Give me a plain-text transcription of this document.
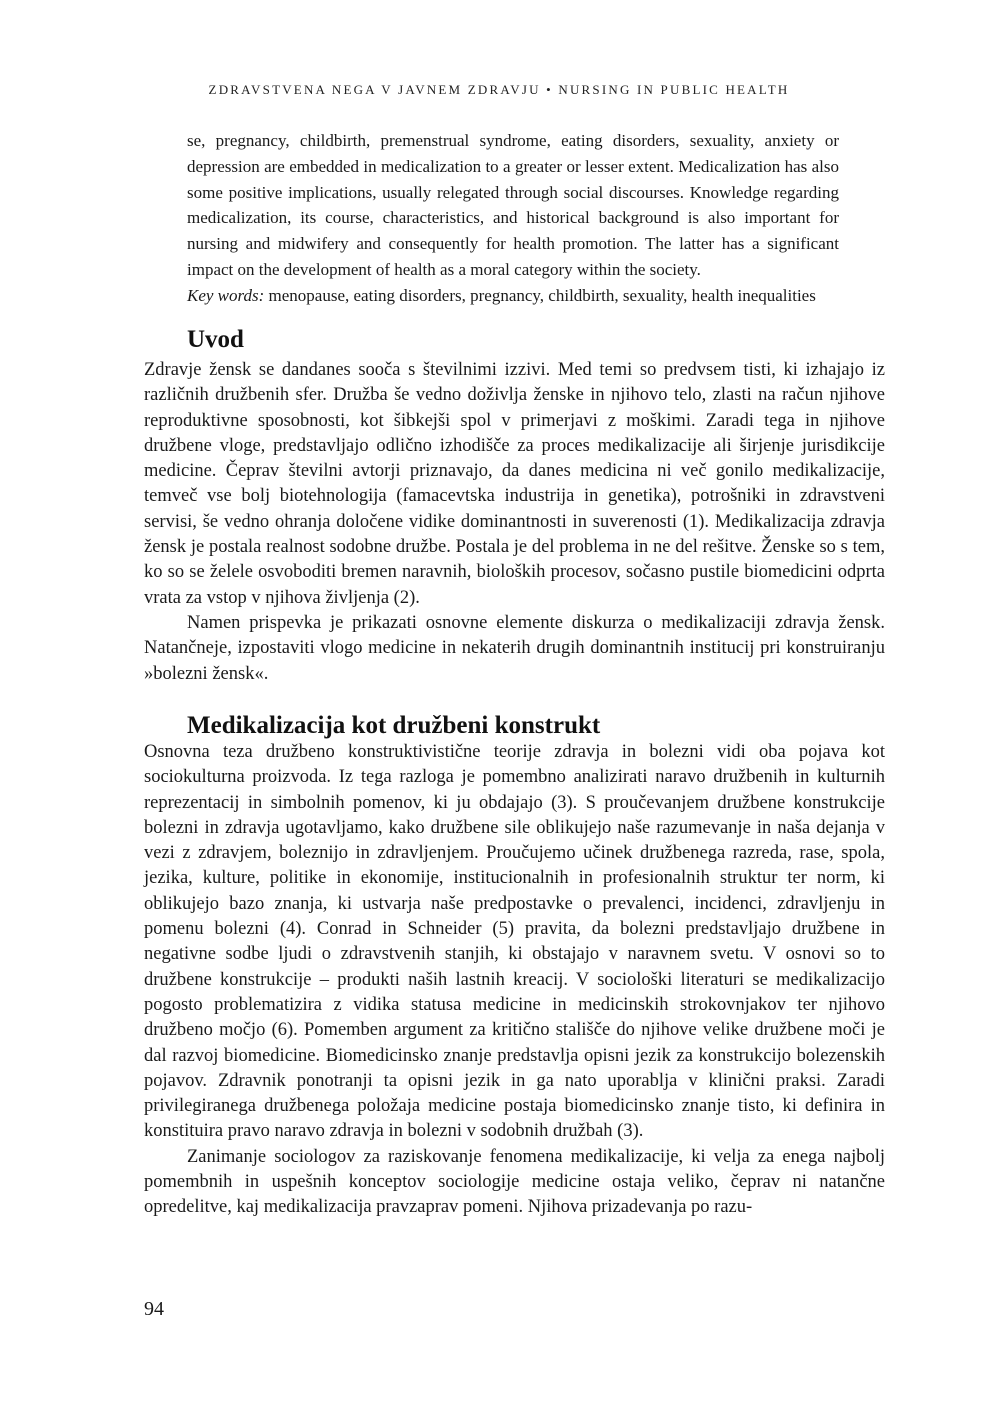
ZDRAVSTVENA NEGA V JAVNEM ZDRAVJU • NURSING IN PUBLIC HEALTH

se, pregnancy, childbirth, premenstrual syndrome, eating disorders, sexuality, anxiety or depression are embedded in medicalization to a greater or lesser extent. Medicalization has also some positive implications, usually relegated through social discourses. Knowledge regarding medicalization, its course, characteristics, and historical background is also important for nursing and midwifery and consequently for health promotion. The latter has a significant impact on the development of health as a moral category within the society.

Key words: menopause, eating disorders, pregnancy, childbirth, sexuality, health inequalities

Uvod

Zdravje žensk se dandanes sooča s številnimi izzivi. Med temi so predvsem tisti, ki izhajajo iz različnih družbenih sfer. Družba še vedno doživlja ženske in njihovo telo, zlasti na račun njihove reproduktivne sposobnosti, kot šibkejši spol v primerjavi z moškimi. Zaradi tega in njihove družbene vloge, predstavljajo odlično izhodišče za proces medikalizacije ali širjenje jurisdikcije medicine. Čeprav številni avtorji priznavajo, da danes medicina ni več gonilo medikalizacije, temveč vse bolj biotehnologija (famacevtska industrija in genetika), potrošniki in zdravstveni servisi, še vedno ohranja določene vidike dominantnosti in suverenosti (1). Medikalizacija zdravja žensk je postala realnost sodobne družbe. Postala je del problema in ne del rešitve. Ženske so s tem, ko so se želele osvoboditi bremen naravnih, bioloških procesov, sočasno pustile biomedicini odprta vrata za vstop v njihova življenja (2).

Namen prispevka je prikazati osnovne elemente diskurza o medikalizaciji zdravja žensk. Natančneje, izpostaviti vlogo medicine in nekaterih drugih dominantnih institucij pri konstruiranju »bolezni žensk«.

Medikalizacija kot družbeni konstrukt

Osnovna teza družbeno konstruktivistične teorije zdravja in bolezni vidi oba pojava kot sociokulturna proizvoda. Iz tega razloga je pomembno analizirati naravo družbenih in kulturnih reprezentacij in simbolnih pomenov, ki ju obdajajo (3). S proučevanjem družbene konstrukcije bolezni in zdravja ugotavljamo, kako družbene sile oblikujejo naše razumevanje in naša dejanja v vezi z zdravjem, boleznijo in zdravljenjem. Proučujemo učinek družbenega razreda, rase, spola, jezika, kulture, politike in ekonomije, institucionalnih in profesionalnih struktur ter norm, ki oblikujejo bazo znanja, ki ustvarja naše predpostavke o prevalenci, incidenci, zdravljenju in pomenu bolezni (4). Conrad in Schneider (5) pravita, da bolezni predstavljajo družbene in negativne sodbe ljudi o zdravstvenih stanjih, ki obstajajo v naravnem svetu. V osnovi so to družbene konstrukcije – produkti naših lastnih kreacij. V sociološki literaturi se medikalizacijo pogosto problematizira z vidika statusa medicine in medicinskih strokovnjakov ter njihovo družbeno močjo (6). Pomemben argument za kritično stališče do njihove velike družbene moči je dal razvoj biomedicine. Biomedicinsko znanje predstavlja opisni jezik za konstrukcijo bolezenskih pojavov. Zdravnik ponotranji ta opisni jezik in ga nato uporablja v klinični praksi. Zaradi privilegiranega družbenega položaja medicine postaja biomedicinsko znanje tisto, ki definira in konstituira pravo naravo zdravja in bolezni v sodobnih družbah (3).

Zanimanje sociologov za raziskovanje fenomena medikalizacije, ki velja za enega najbolj pomembnih in uspešnih konceptov sociologije medicine ostaja veliko, čeprav ni natančne opredelitve, kaj medikalizacija pravzaprav pomeni. Njihova prizadevanja po razu-

94
